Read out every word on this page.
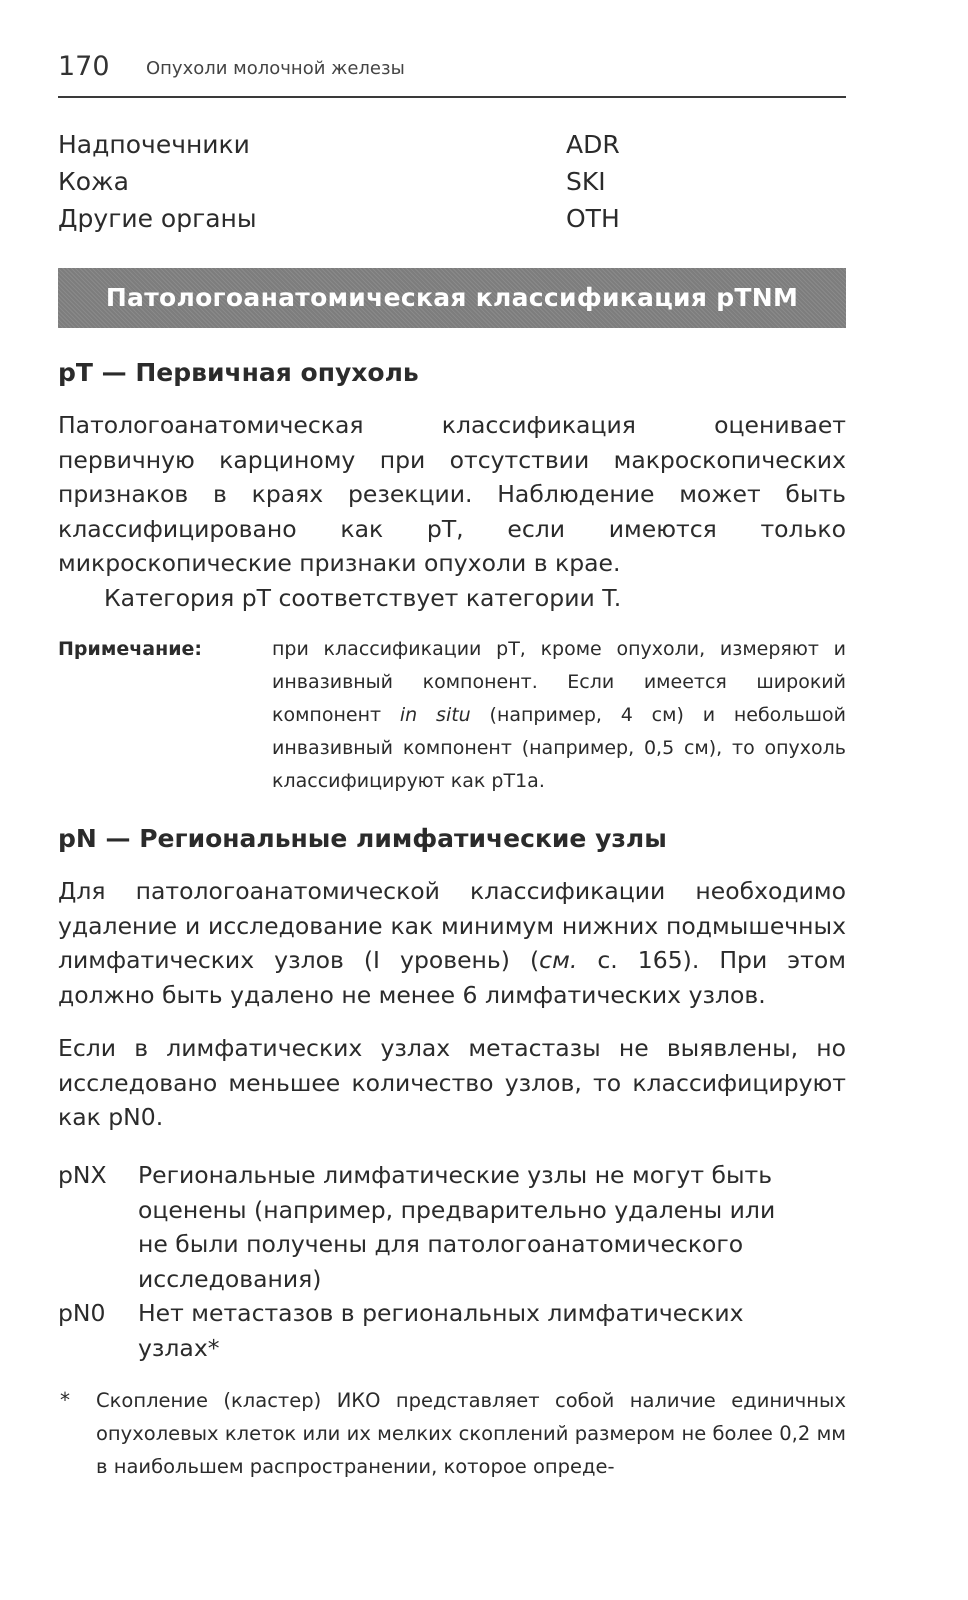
170 Опухоли молочной железы
Надпочечники	ADR
Кожа	SKI
Другие органы	OTH
Патологоанатомическая классификация pTNM
pT — Первичная опухоль
Патологоанатомическая классификация оценивает первичную карциному при отсутствии макроскопических признаков в краях резекции. Наблюдение может быть классифицировано как pT, если имеются только микроскопические признаки опухоли в крае.
Категория pT соответствует категории T.
Примечание:	при классификации pT, кроме опухоли, измеряют и инвазивный компонент. Если имеется широкий компонент in situ (например, 4 см) и небольшой инвазивный компонент (например, 0,5 см), то опухоль классифицируют как pT1a.
pN — Региональные лимфатические узлы
Для патологоанатомической классификации необходимо удаление и исследование как минимум нижних подмышечных лимфатических узлов (I уровень) (см. с. 165). При этом должно быть удалено не менее 6 лимфатических узлов.
Если в лимфатических узлах метастазы не выявлены, но исследовано меньшее количество узлов, то классифицируют как pN0.
pNX Региональные лимфатические узлы не могут быть оценены (например, предварительно удалены или не были получены для патологоанатомического исследования)
pN0 Нет метастазов в региональных лимфатических узлах*
* Скопление (кластер) ИКО представляет собой наличие единичных опухолевых клеток или их мелких скоплений размером не более 0,2 мм в наибольшем распространении, которое опреде-
